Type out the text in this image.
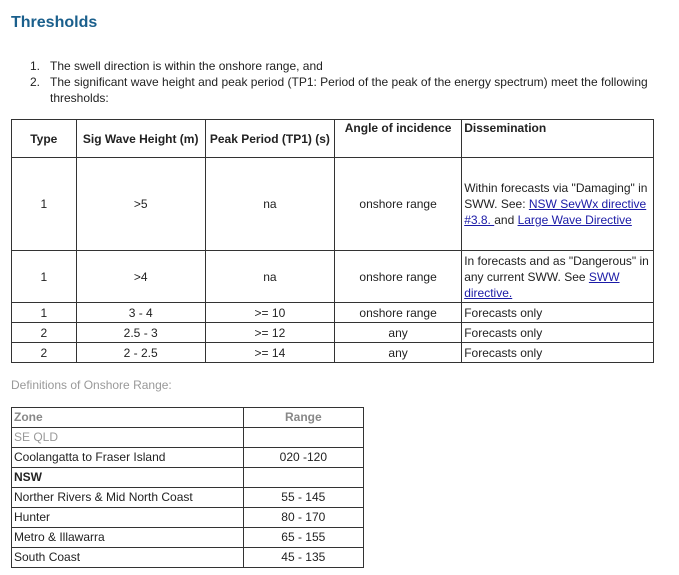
Thresholds
1. The swell direction is within the onshore range, and
2. The significant wave height and peak period (TP1: Period of the peak of the energy spectrum) meet the following thresholds:
Type	Sig Wave Height (m)	Peak Period (TP1) (s)	Angle of incidence	Dissemination
1	>5	na	onshore range	Within forecasts via "Damaging" in SWW. See: NSW SevWx directive #3.8. and Large Wave Directive
1	>4	na	onshore range	In forecasts and as "Dangerous" in any current SWW. See SWW directive.
1	3 - 4	>= 10	onshore range	Forecasts only
2	2.5 - 3	>= 12	any	Forecasts only
2	2 - 2.5	>= 14	any	Forecasts only

Definitions of Onshore Range:

Zone	Range
SE QLD	
Coolangatta to Fraser Island	020 -120
NSW	
Norther Rivers & Mid North Coast	55 - 145
Hunter	80 - 170
Metro & Illawarra	65 - 155
South Coast	45 - 135
